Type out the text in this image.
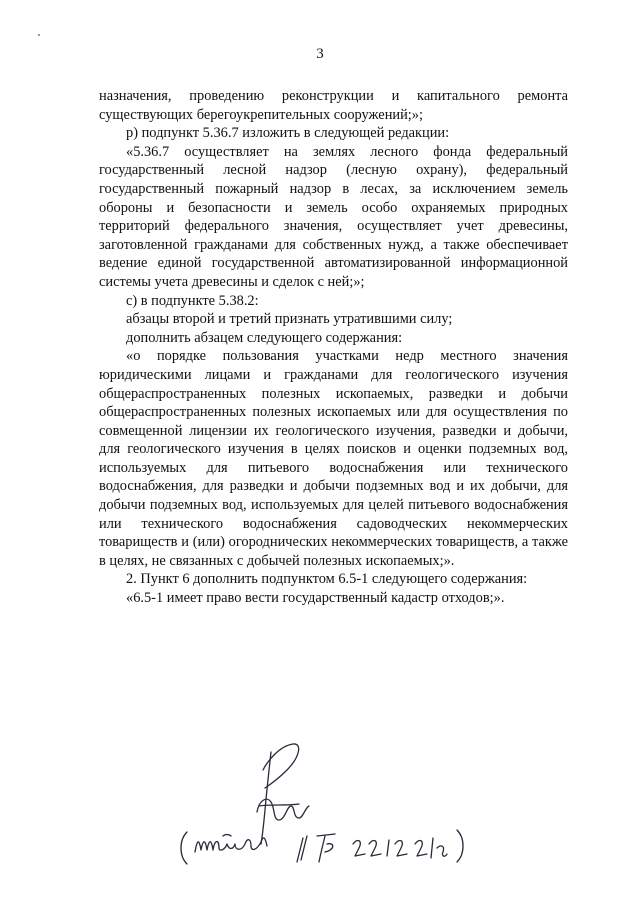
3

назначения, проведению реконструкции и капитального ремонта существующих берегоукрепительных сооружений;»;

р) подпункт 5.36.7 изложить в следующей редакции:

«5.36.7 осуществляет на землях лесного фонда федеральный государственный лесной надзор (лесную охрану), федеральный государственный пожарный надзор в лесах, за исключением земель обороны и безопасности и земель особо охраняемых природных территорий федерального значения, осуществляет учет древесины, заготовленной гражданами для собственных нужд, а также обеспечивает ведение единой государственной автоматизированной информационной системы учета древесины и сделок с ней;»;

с) в подпункте 5.38.2:

абзацы второй и третий признать утратившими силу;

дополнить абзацем следующего содержания:

«о порядке пользования участками недр местного значения юридическими лицами и гражданами для геологического изучения общераспространенных полезных ископаемых, разведки и добычи общераспространенных полезных ископаемых или для осуществления по совмещенной лицензии их геологического изучения, разведки и добычи, для геологического изучения в целях поисков и оценки подземных вод, используемых для питьевого водоснабжения или технического водоснабжения, для разведки и добычи подземных вод и их добычи, для добычи подземных вод, используемых для целей питьевого водоснабжения или технического водоснабжения садоводческих некоммерческих товариществ и (или) огороднических некоммерческих товариществ, а также в целях, не связанных с добычей полезных ископаемых;».

2. Пункт 6 дополнить подпунктом 6.5-1 следующего содержания:

«6.5-1 имеет право вести государственный кадастр отходов;».
